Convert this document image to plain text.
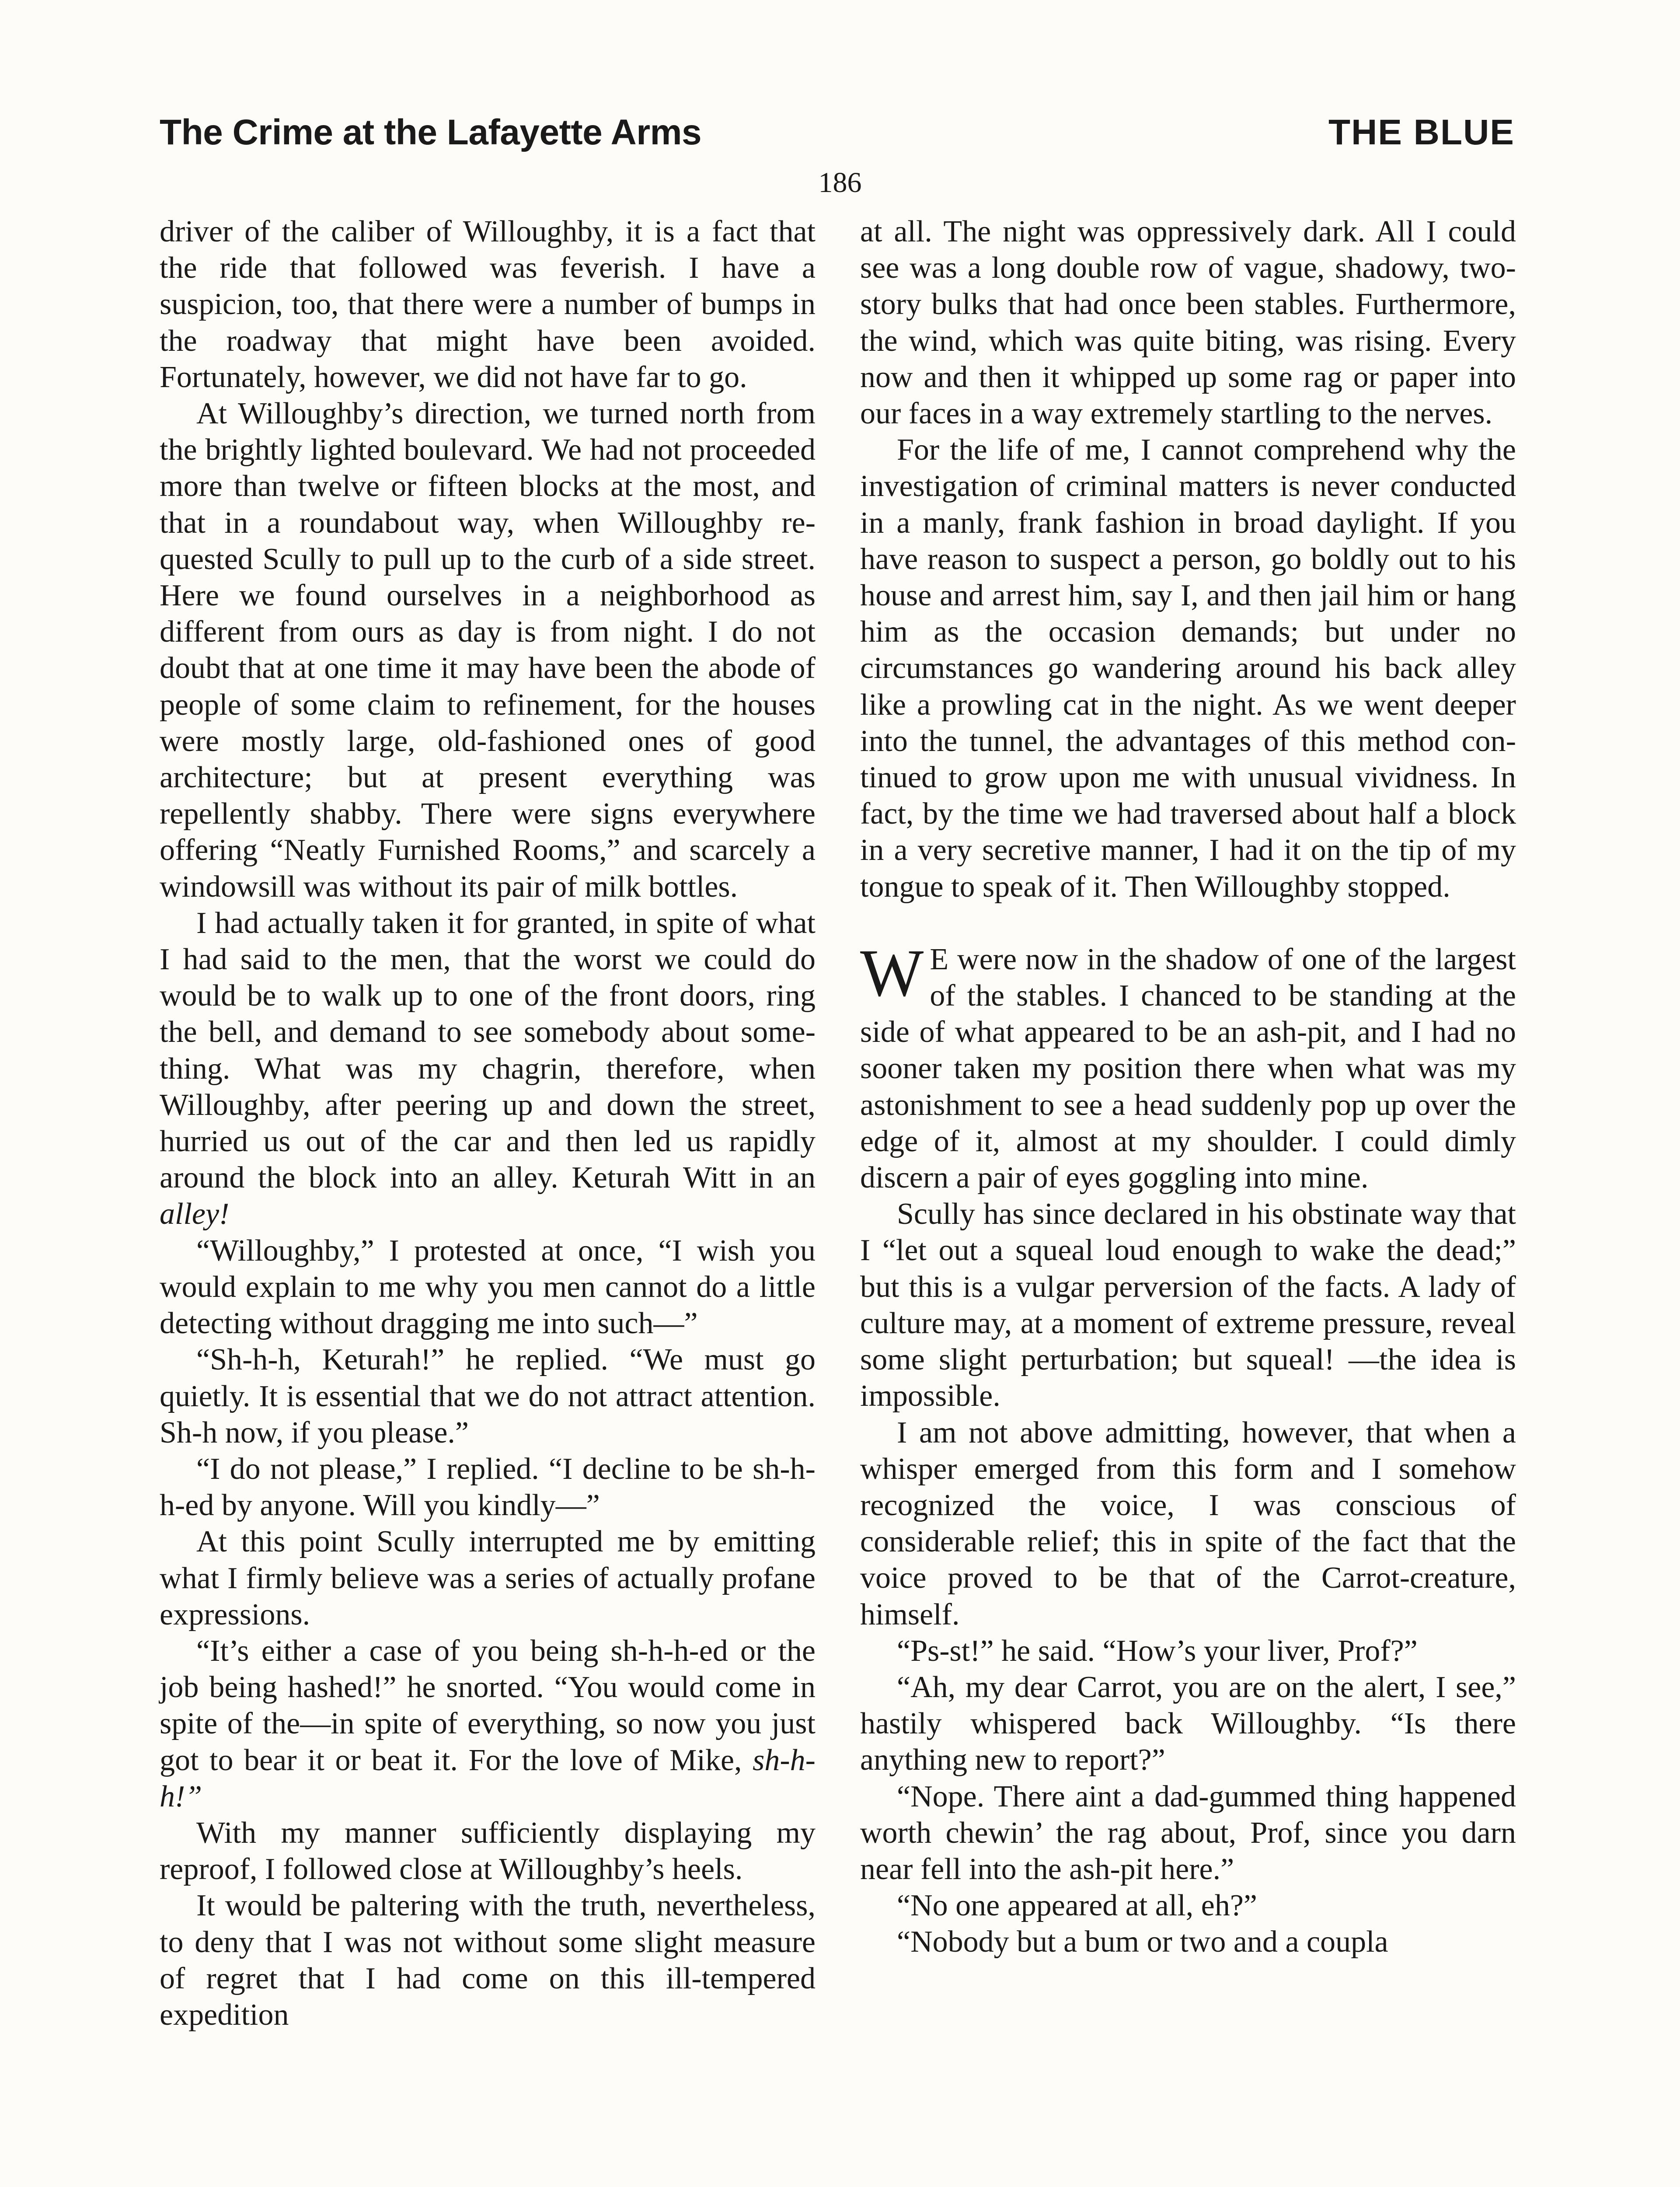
The Crime at the Lafayette Arms	THE BLUE
186

driver of the caliber of Willoughby, it is a fact that the ride that followed was feverish. I have a suspicion, too, that there were a number of bumps in the roadway that might have been avoided. Fortunately, however, we did not have far to go.

At Willoughby’s direction, we turned north from the brightly lighted boulevard. We had not proceeded more than twelve or fifteen blocks at the most, and that in a roundabout way, when Willoughby requested Scully to pull up to the curb of a side street. Here we found ourselves in a neighborhood as different from ours as day is from night. I do not doubt that at one time it may have been the abode of people of some claim to refinement, for the houses were mostly large, old-fashioned ones of good architecture; but at present everything was repellently shabby. There were signs everywhere offering “Neatly Furnished Rooms,” and scarcely a windowsill was without its pair of milk bottles.

I had actually taken it for granted, in spite of what I had said to the men, that the worst we could do would be to walk up to one of the front doors, ring the bell, and demand to see somebody about something. What was my chagrin, therefore, when Willoughby, after peering up and down the street, hurried us out of the car and then led us rapidly around the block into an alley. Keturah Witt in an alley!

“Willoughby,” I protested at once, “I wish you would explain to me why you men cannot do a little detecting without dragging me into such—”

“Sh-h-h, Keturah!” he replied. “We must go quietly. It is essential that we do not attract attention. Sh-h now, if you please.”

“I do not please,” I replied. “I decline to be sh-h-h-ed by anyone. Will you kindly—”

At this point Scully interrupted me by emitting what I firmly believe was a series of actually profane expressions.

“It’s either a case of you being sh-h-h-ed or the job being hashed!” he snorted. “You would come in spite of the—in spite of everything, so now you just got to bear it or beat it. For the love of Mike, sh-h-h!”

With my manner sufficiently displaying my reproof, I followed close at Willoughby’s heels.

It would be paltering with the truth, nevertheless, to deny that I was not without some slight measure of regret that I had come on this ill-tempered expedition

at all. The night was oppressively dark. All I could see was a long double row of vague, shadowy, two-story bulks that had once been stables. Furthermore, the wind, which was quite biting, was rising. Every now and then it whipped up some rag or paper into our faces in a way extremely startling to the nerves.

For the life of me, I cannot comprehend why the investigation of criminal matters is never conducted in a manly, frank fashion in broad daylight. If you have reason to suspect a person, go boldly out to his house and arrest him, say I, and then jail him or hang him as the occasion demands; but under no circumstances go wandering around his back alley like a prowling cat in the night. As we went deeper into the tunnel, the advantages of this method continued to grow upon me with unusual vividness. In fact, by the time we had traversed about half a block in a very secretive manner, I had it on the tip of my tongue to speak of it. Then Willoughby stopped.

W E were now in the shadow of one of the largest of the stables. I chanced to be standing at the side of what appeared to be an ash-pit, and I had no sooner taken my position there when what was my astonishment to see a head suddenly pop up over the edge of it, almost at my shoulder. I could dimly discern a pair of eyes goggling into mine.

Scully has since declared in his obstinate way that I “let out a squeal loud enough to wake the dead;” but this is a vulgar perversion of the facts. A lady of culture may, at a moment of extreme pressure, reveal some slight perturbation; but squeal! —the idea is impossible.

I am not above admitting, however, that when a whisper emerged from this form and I somehow recognized the voice, I was conscious of considerable relief; this in spite of the fact that the voice proved to be that of the Carrot-creature, himself.

“Ps-st!” he said. “How’s your liver, Prof?”

“Ah, my dear Carrot, you are on the alert, I see,” hastily whispered back Willoughby. “Is there anything new to report?”

“Nope. There aint a dad-gummed thing happened worth chewin’ the rag about, Prof, since you darn near fell into the ash-pit here.”

“No one appeared at all, eh?”

“Nobody but a bum or two and a coupla
